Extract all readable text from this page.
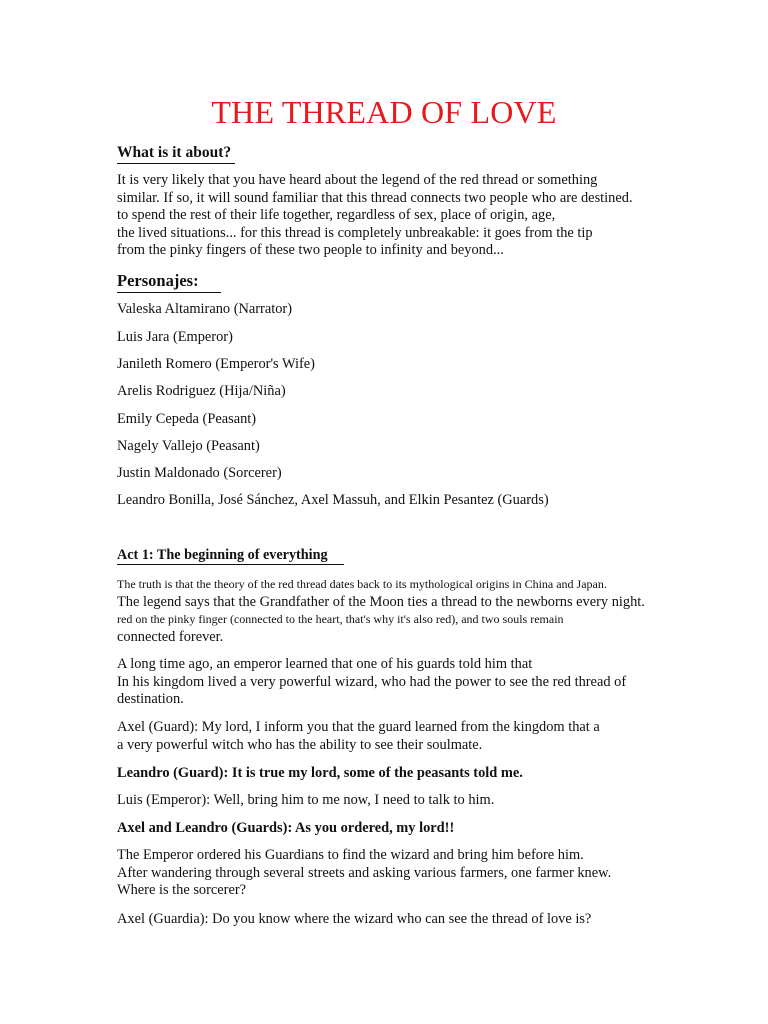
THE THREAD OF LOVE
What is it about?
It is very likely that you have heard about the legend of the red thread or something
similar. If so, it will sound familiar that this thread connects two people who are destined.
to spend the rest of their life together, regardless of sex, place of origin, age,
the lived situations... for this thread is completely unbreakable: it goes from the tip
from the pinky fingers of these two people to infinity and beyond...
Personajes:
Valeska Altamirano (Narrator)
Luis Jara (Emperor)
Janileth Romero (Emperor's Wife)
Arelis Rodriguez (Hija/Niña)
Emily Cepeda (Peasant)
Nagely Vallejo (Peasant)
Justin Maldonado (Sorcerer)
Leandro Bonilla, José Sánchez, Axel Massuh, and Elkin Pesantez (Guards)
Act 1: The beginning of everything
The truth is that the theory of the red thread dates back to its mythological origins in China and Japan.
The legend says that the Grandfather of the Moon ties a thread to the newborns every night.
red on the pinky finger (connected to the heart, that's why it's also red), and two souls remain
connected forever.
A long time ago, an emperor learned that one of his guards told him that
In his kingdom lived a very powerful wizard, who had the power to see the red thread of
destination.
Axel (Guard): My lord, I inform you that the guard learned from the kingdom that a
a very powerful witch who has the ability to see their soulmate.
Leandro (Guard): It is true my lord, some of the peasants told me.
Luis (Emperor): Well, bring him to me now, I need to talk to him.
Axel and Leandro (Guards): As you ordered, my lord!!
The Emperor ordered his Guardians to find the wizard and bring him before him.
After wandering through several streets and asking various farmers, one farmer knew.
Where is the sorcerer?
Axel (Guardia): Do you know where the wizard who can see the thread of love is?
